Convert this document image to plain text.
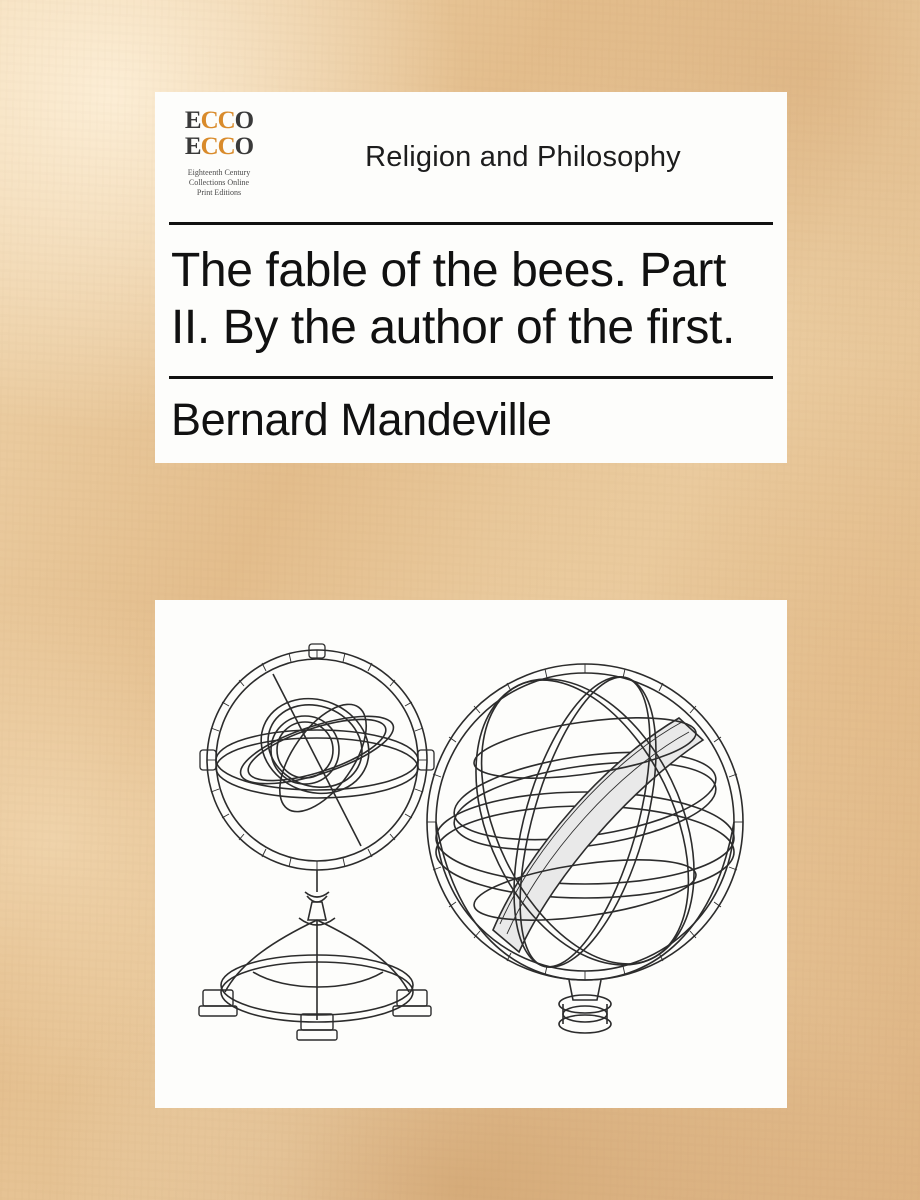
ECCO
ECCO
Eighteenth Century
Collections Online
Print Editions
Religion and Philosophy
The fable of the bees. Part II. By the author of the first.
Bernard Mandeville
